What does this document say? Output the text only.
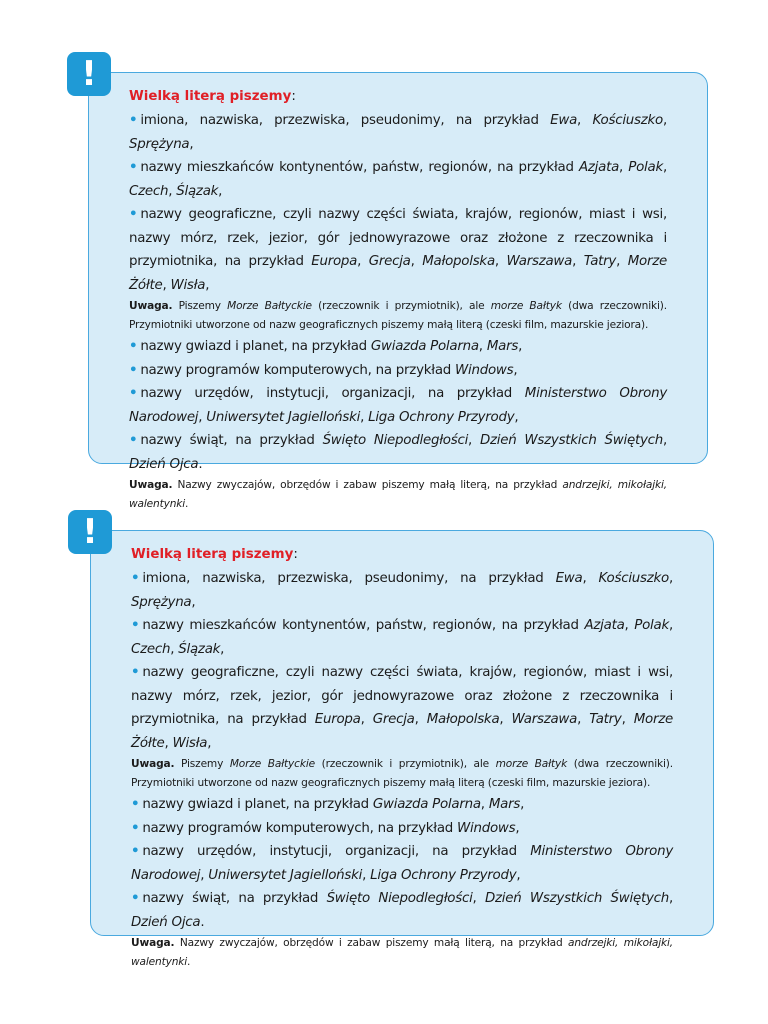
Wielką literą piszemy:

• imiona, nazwiska, przezwiska, pseudonimy, na przykład Ewa, Kościuszko, Sprężyna,

• nazwy mieszkańców kontynentów, państw, regionów, na przykład Azjata, Polak, Czech, Ślązak,

• nazwy geograficzne, czyli nazwy części świata, krajów, regionów, miast i wsi, nazwy mórz, rzek, jezior, gór jednowyrazowe oraz złożone z rzeczownika i przymiotnika, na przykład Europa, Grecja, Małopolska, Warszawa, Tatry, Morze Żółte, Wisła,

Uwaga. Piszemy Morze Bałtyckie (rzeczownik i przymiotnik), ale morze Bałtyk (dwa rzeczowniki). Przymiotniki utworzone od nazw geograficznych piszemy małą literą (czeski film, mazurskie jeziora).

• nazwy gwiazd i planet, na przykład Gwiazda Polarna, Mars,

• nazwy programów komputerowych, na przykład Windows,

• nazwy urzędów, instytucji, organizacji, na przykład Ministerstwo Obrony Narodowej, Uniwersytet Jagielloński, Liga Ochrony Przyrody,

• nazwy świąt, na przykład Święto Niepodległości, Dzień Wszystkich Świętych, Dzień Ojca.

Uwaga. Nazwy zwyczajów, obrzędów i zabaw piszemy małą literą, na przykład andrzejki, mikołajki, walentynki.

!
Wielką literą piszemy:

• imiona, nazwiska, przezwiska, pseudonimy, na przykład Ewa, Kościuszko, Sprężyna,

• nazwy mieszkańców kontynentów, państw, regionów, na przykład Azjata, Polak, Czech, Ślązak,

• nazwy geograficzne, czyli nazwy części świata, krajów, regionów, miast i wsi, nazwy mórz, rzek, jezior, gór jednowyrazowe oraz złożone z rzeczownika i przymiotnika, na przykład Europa, Grecja, Małopolska, Warszawa, Tatry, Morze Żółte, Wisła,

Uwaga. Piszemy Morze Bałtyckie (rzeczownik i przymiotnik), ale morze Bałtyk (dwa rzeczowniki). Przymiotniki utworzone od nazw geograficznych piszemy małą literą (czeski film, mazurskie jeziora).

• nazwy gwiazd i planet, na przykład Gwiazda Polarna, Mars,

• nazwy programów komputerowych, na przykład Windows,

• nazwy urzędów, instytucji, organizacji, na przykład Ministerstwo Obrony Narodowej, Uniwersytet Jagielloński, Liga Ochrony Przyrody,

• nazwy świąt, na przykład Święto Niepodległości, Dzień Wszystkich Świętych, Dzień Ojca.

Uwaga. Nazwy zwyczajów, obrzędów i zabaw piszemy małą literą, na przykład andrzejki, mikołajki, walentynki.

!
